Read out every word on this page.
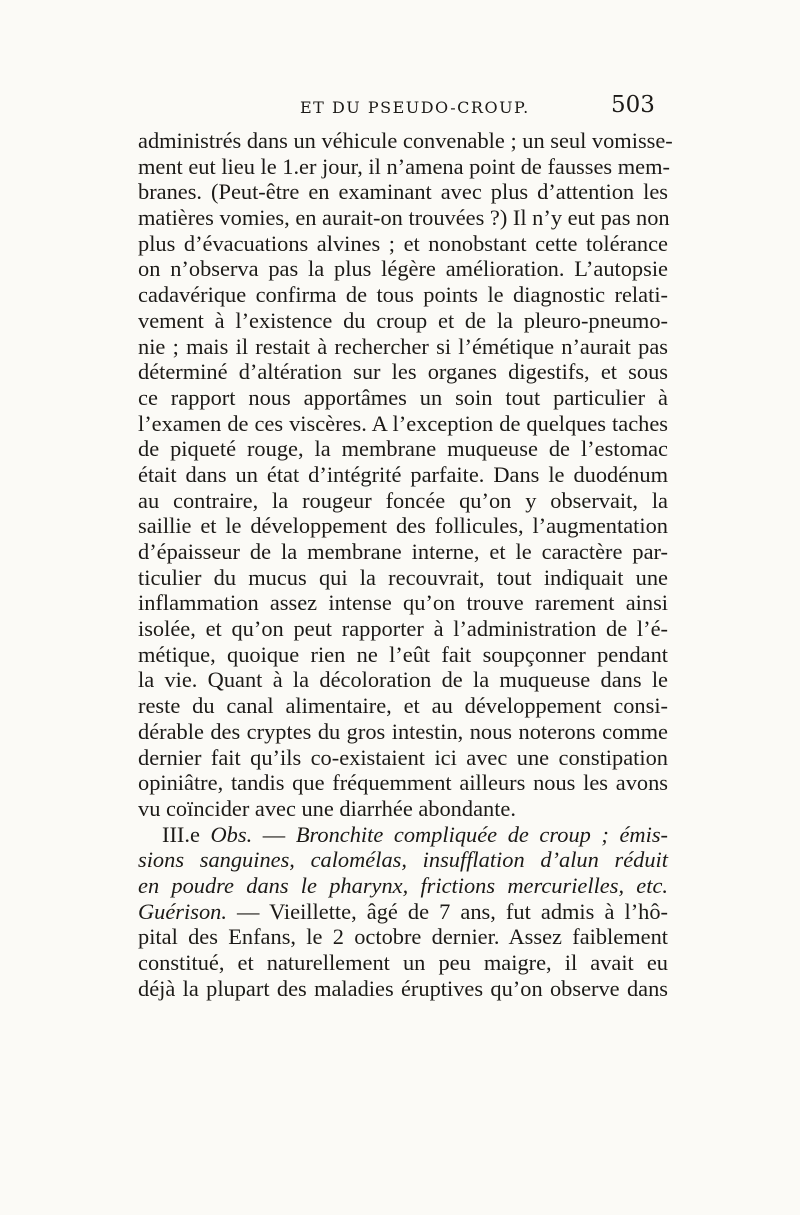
ET DU PSEUDO-CROUP.	503
administrés dans un véhicule convenable ; un seul vomisse-
ment eut lieu le 1.er jour, il n’amena point de fausses mem-
branes. (Peut-être en examinant avec plus d’attention les
matières vomies, en aurait-on trouvées ?) Il n’y eut pas non
plus d’évacuations alvines ; et nonobstant cette tolérance
on n’observa pas la plus légère amélioration. L’autopsie
cadavérique confirma de tous points le diagnostic relati-
vement à l’existence du croup et de la pleuro-pneumo-
nie ; mais il restait à rechercher si l’émétique n’aurait pas
déterminé d’altération sur les organes digestifs, et sous
ce rapport nous apportâmes un soin tout particulier à
l’examen de ces viscères. A l’exception de quelques taches
de piqueté rouge, la membrane muqueuse de l’estomac
était dans un état d’intégrité parfaite. Dans le duodénum
au contraire, la rougeur foncée qu’on y observait, la
saillie et le développement des follicules, l’augmentation
d’épaisseur de la membrane interne, et le caractère par-
ticulier du mucus qui la recouvrait, tout indiquait une
inflammation assez intense qu’on trouve rarement ainsi
isolée, et qu’on peut rapporter à l’administration de l’é-
métique, quoique rien ne l’eût fait soupçonner pendant
la vie. Quant à la décoloration de la muqueuse dans le
reste du canal alimentaire, et au développement consi-
dérable des cryptes du gros intestin, nous noterons comme
dernier fait qu’ils co-existaient ici avec une constipation
opiniâtre, tandis que fréquemment ailleurs nous les avons
vu coïncider avec une diarrhée abondante.
III.e Obs. — Bronchite compliquée de croup ; émis-
sions sanguines, calomélas, insufflation d’alun réduit
en poudre dans le pharynx, frictions mercurielles, etc.
Guérison. — Vieillette, âgé de 7 ans, fut admis à l’hô-
pital des Enfans, le 2 octobre dernier. Assez faiblement
constitué, et naturellement un peu maigre, il avait eu
déjà la plupart des maladies éruptives qu’on observe dans
